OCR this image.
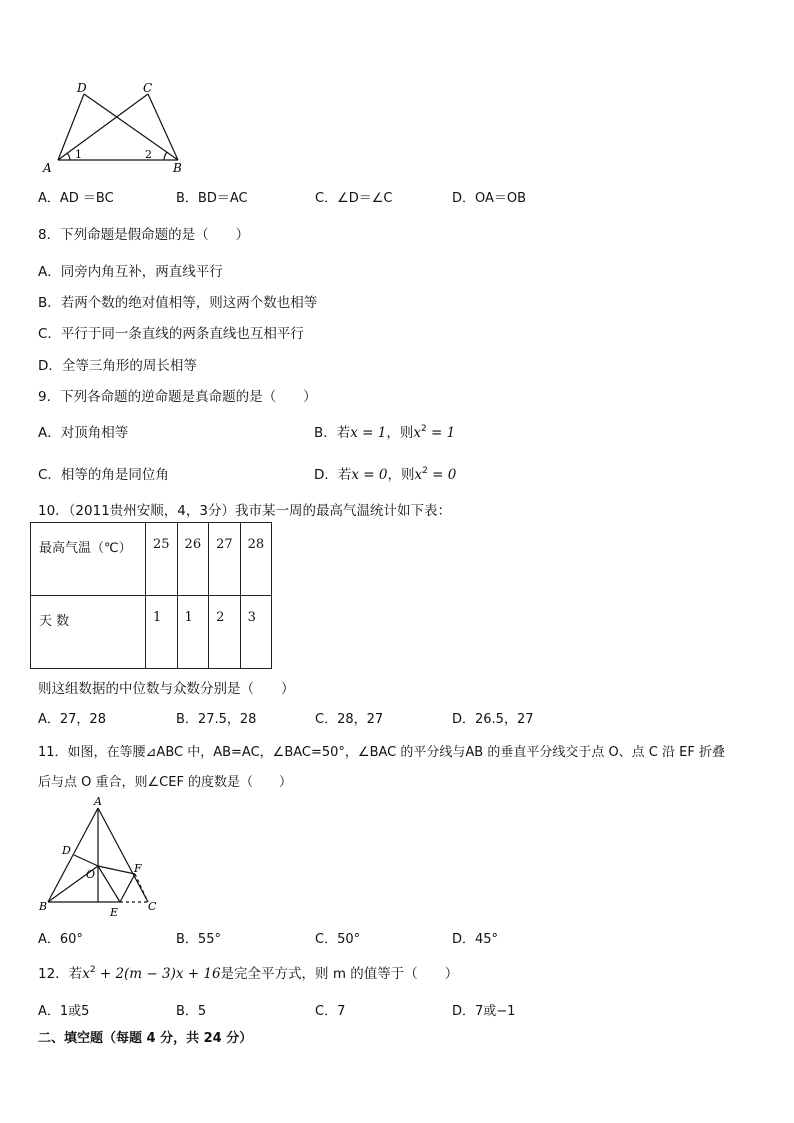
D	C
A	B
1	2
A．AD ＝BC	B．BD＝AC	C．∠D＝∠C	D．OA＝OB
8．下列命题是假命题的是（　　）
A．同旁内角互补，两直线平行
B．若两个数的绝对值相等，则这两个数也相等
C．平行于同一条直线的两条直线也互相平行
D．全等三角形的周长相等
9．下列各命题的逆命题是真命题的是（　　）
A．对顶角相等	B．若x = 1，则$x^2 = 1$
C．相等的角是同位角	D．若x = 0，则$x^2 = 0$
10．（2011贵州安顺，4，3分）我市某一周的最高气温统计如下表：
最高气温（℃）	25	26	27	28
天 数	1	1	2	3
则这组数据的中位数与众数分别是（　　）
A．27，28	B．27.5，28	C．28，27	D．26.5，27
11．如图，在等腰⊿ABC 中，AB=AC，∠BAC=50°，∠BAC 的平分线与AB 的垂直平分线交于点 O、点 C 沿 EF 折叠
后与点 O 重合，则∠CEF 的度数是（　　）
A
D
F
O
B	E	C
A．60°	B．55°	C．50°	D．45°
12．若$x^2 + 2(m - 3)x + 16$是完全平方式，则 m 的值等于（　　）
A．1或5	B．5	C．7	D．7或−1
二、填空题（每题 4 分，共 24 分）
